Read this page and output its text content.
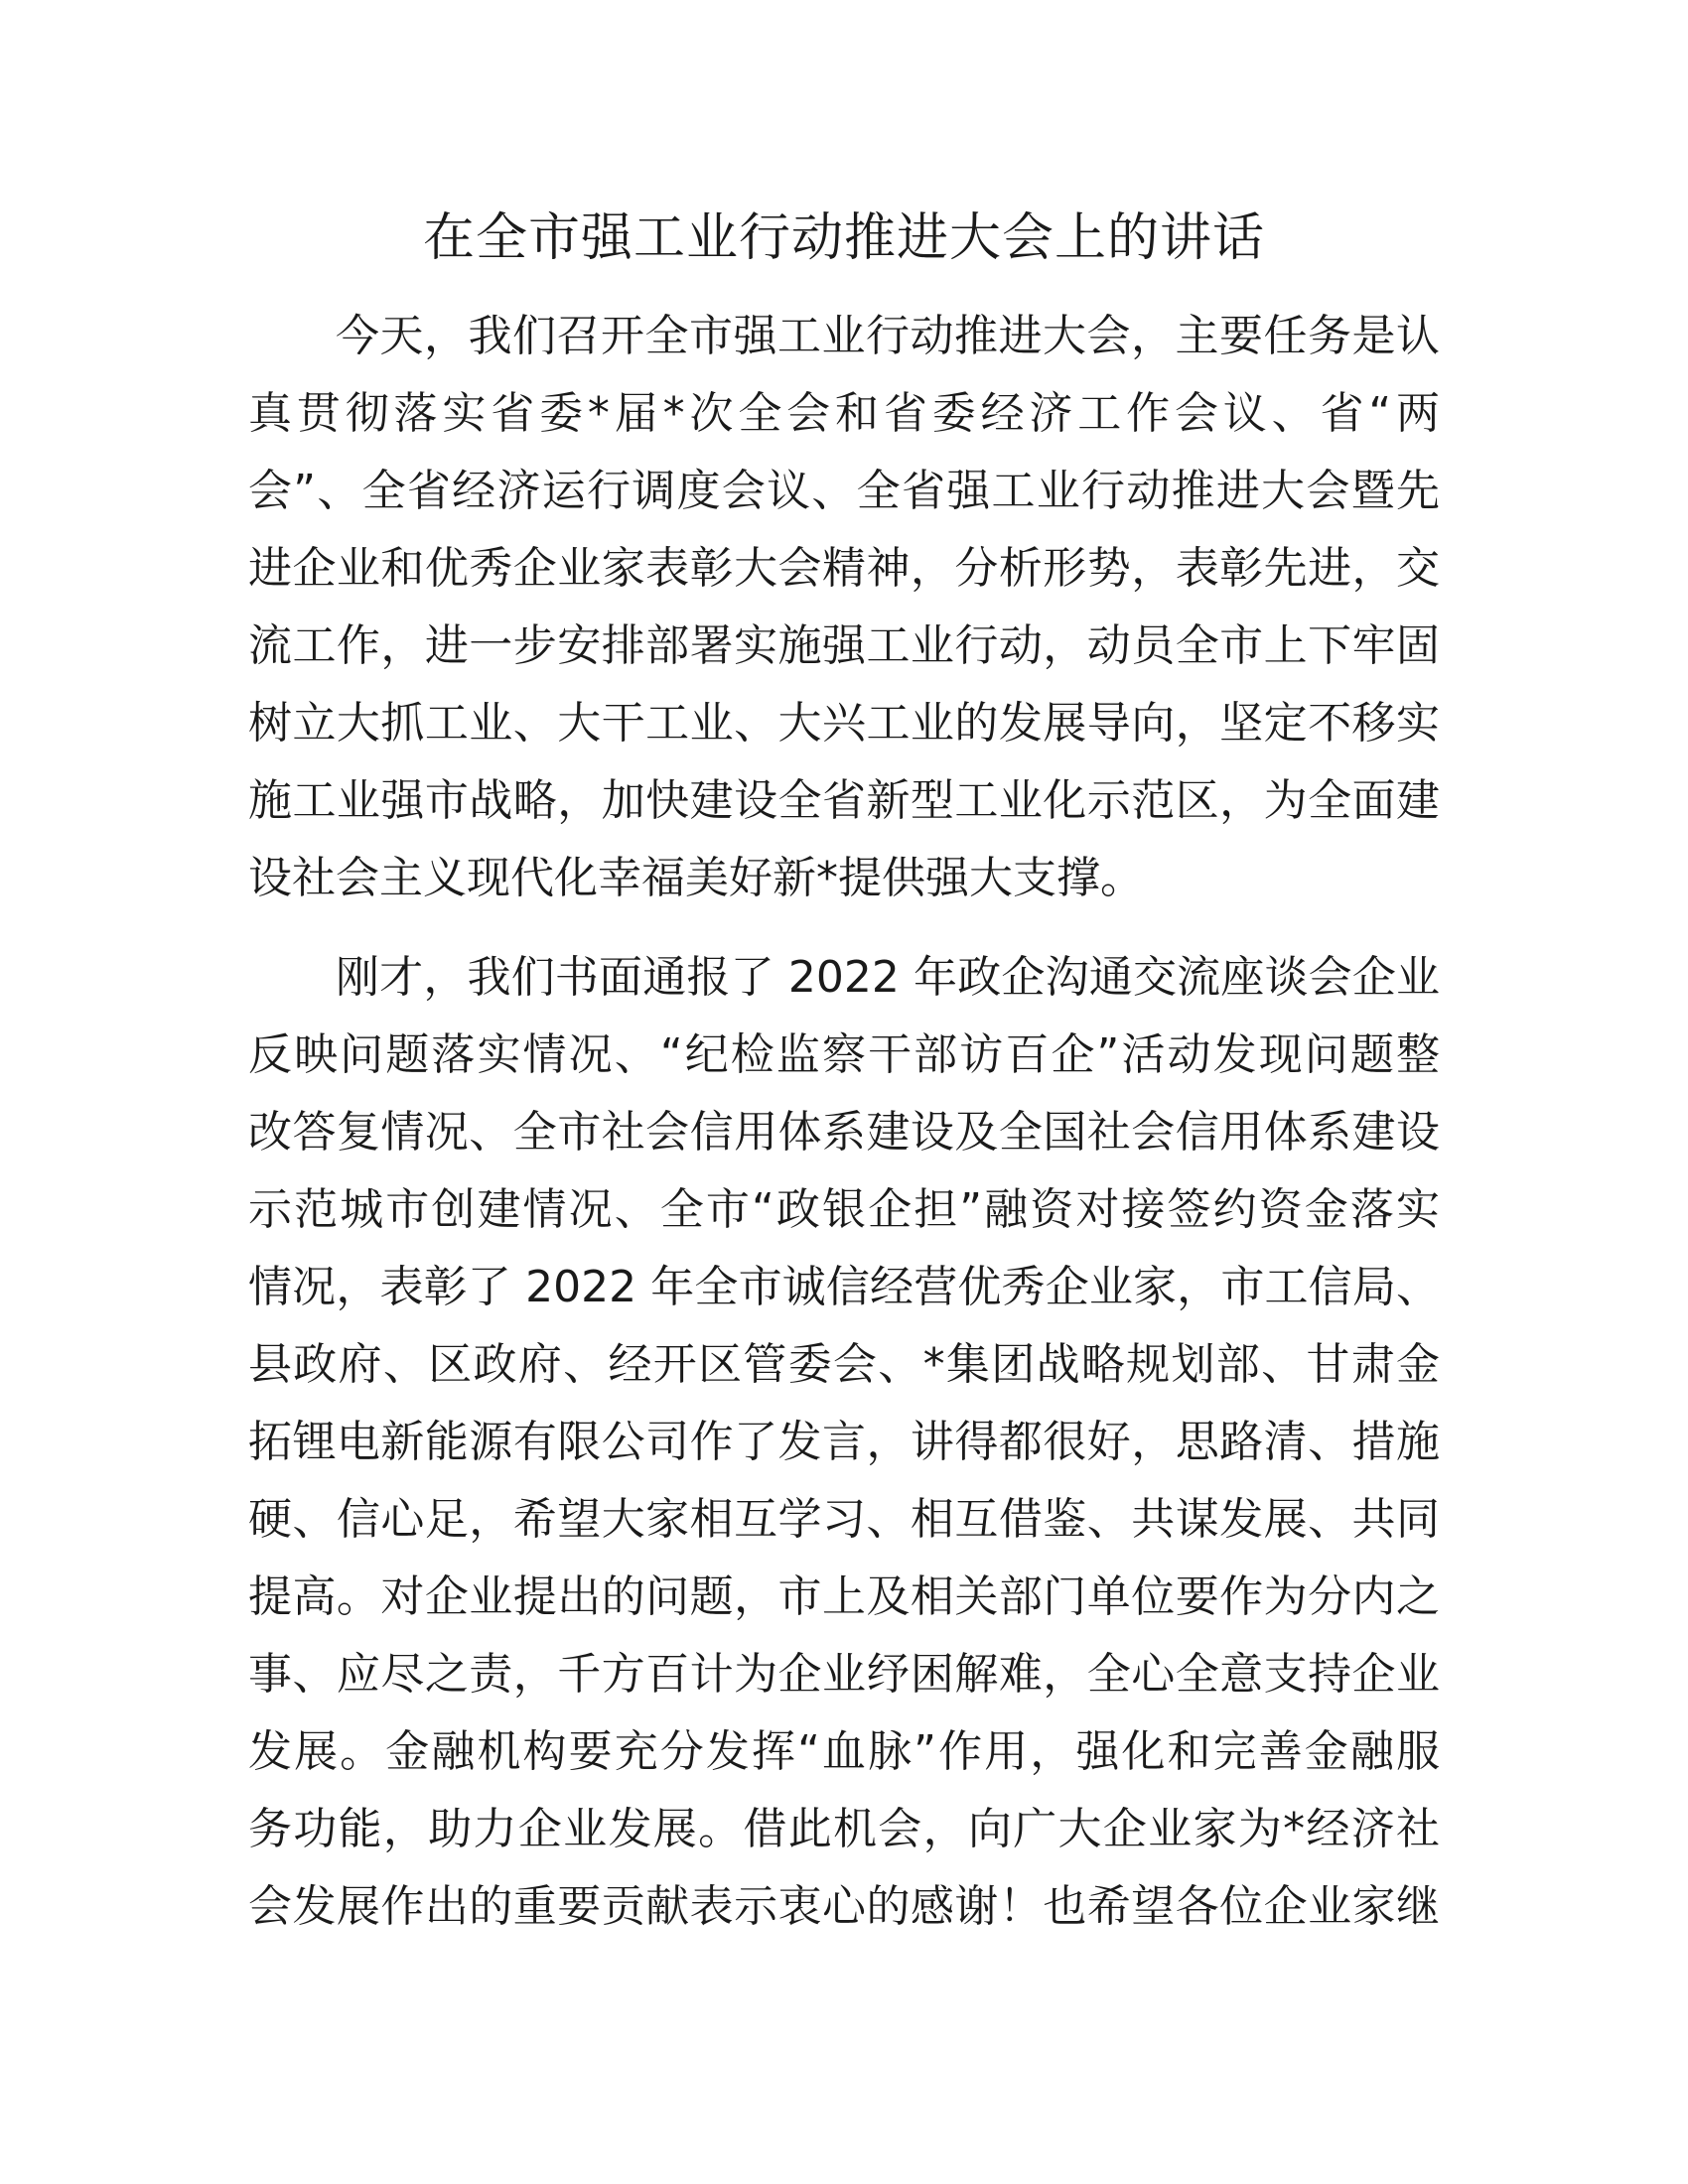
在全市强工业行动推进大会上的讲话
今天，我们召开全市强工业行动推进大会，主要任务是认
真贯彻落实省委*届*次全会和省委经济工作会议、省“两
会”、全省经济运行调度会议、全省强工业行动推进大会暨先
进企业和优秀企业家表彰大会精神，分析形势，表彰先进，交
流工作，进一步安排部署实施强工业行动，动员全市上下牢固
树立大抓工业、大干工业、大兴工业的发展导向，坚定不移实
施工业强市战略，加快建设全省新型工业化示范区，为全面建
设社会主义现代化幸福美好新*提供强大支撑。
刚才，我们书面通报了 2022 年政企沟通交流座谈会企业
反映问题落实情况、“纪检监察干部访百企”活动发现问题整
改答复情况、全市社会信用体系建设及全国社会信用体系建设
示范城市创建情况、全市“政银企担”融资对接签约资金落实
情况，表彰了 2022 年全市诚信经营优秀企业家，市工信局、
县政府、区政府、经开区管委会、*集团战略规划部、甘肃金
拓锂电新能源有限公司作了发言，讲得都很好，思路清、措施
硬、信心足，希望大家相互学习、相互借鉴、共谋发展、共同
提高。对企业提出的问题，市上及相关部门单位要作为分内之
事、应尽之责，千方百计为企业纾困解难，全心全意支持企业
发展。金融机构要充分发挥“血脉”作用，强化和完善金融服
务功能，助力企业发展。借此机会，向广大企业家为*经济社
会发展作出的重要贡献表示衷心的感谢！也希望各位企业家继
